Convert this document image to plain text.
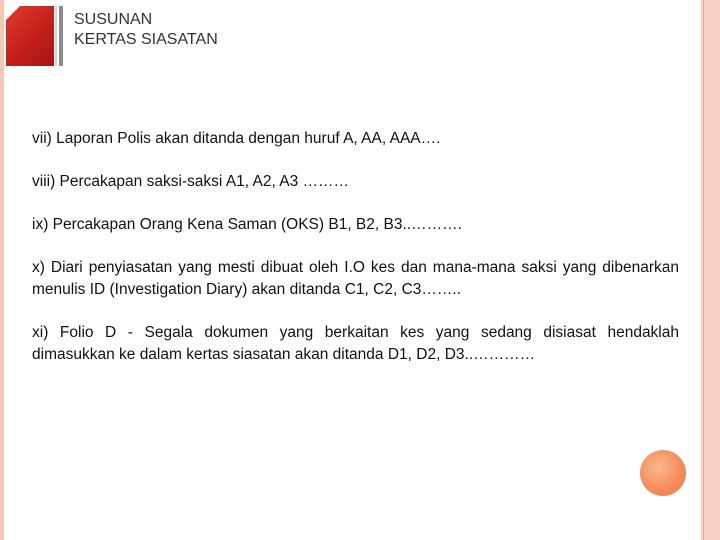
SUSUNAN
KERTAS SIASATAN
vii) Laporan Polis akan ditanda dengan huruf A, AA, AAA….
viii) Percakapan saksi-saksi A1, A2, A3 ………
ix) Percakapan Orang Kena Saman (OKS) B1, B2, B3..……….
x) Diari penyiasatan yang mesti dibuat oleh I.O kes dan mana-mana saksi yang dibenarkan menulis ID (Investigation Diary) akan ditanda C1, C2, C3……..
xi) Folio D - Segala dokumen yang berkaitan kes yang sedang disiasat hendaklah dimasukkan ke dalam kertas siasatan akan ditanda D1, D2, D3..…………
